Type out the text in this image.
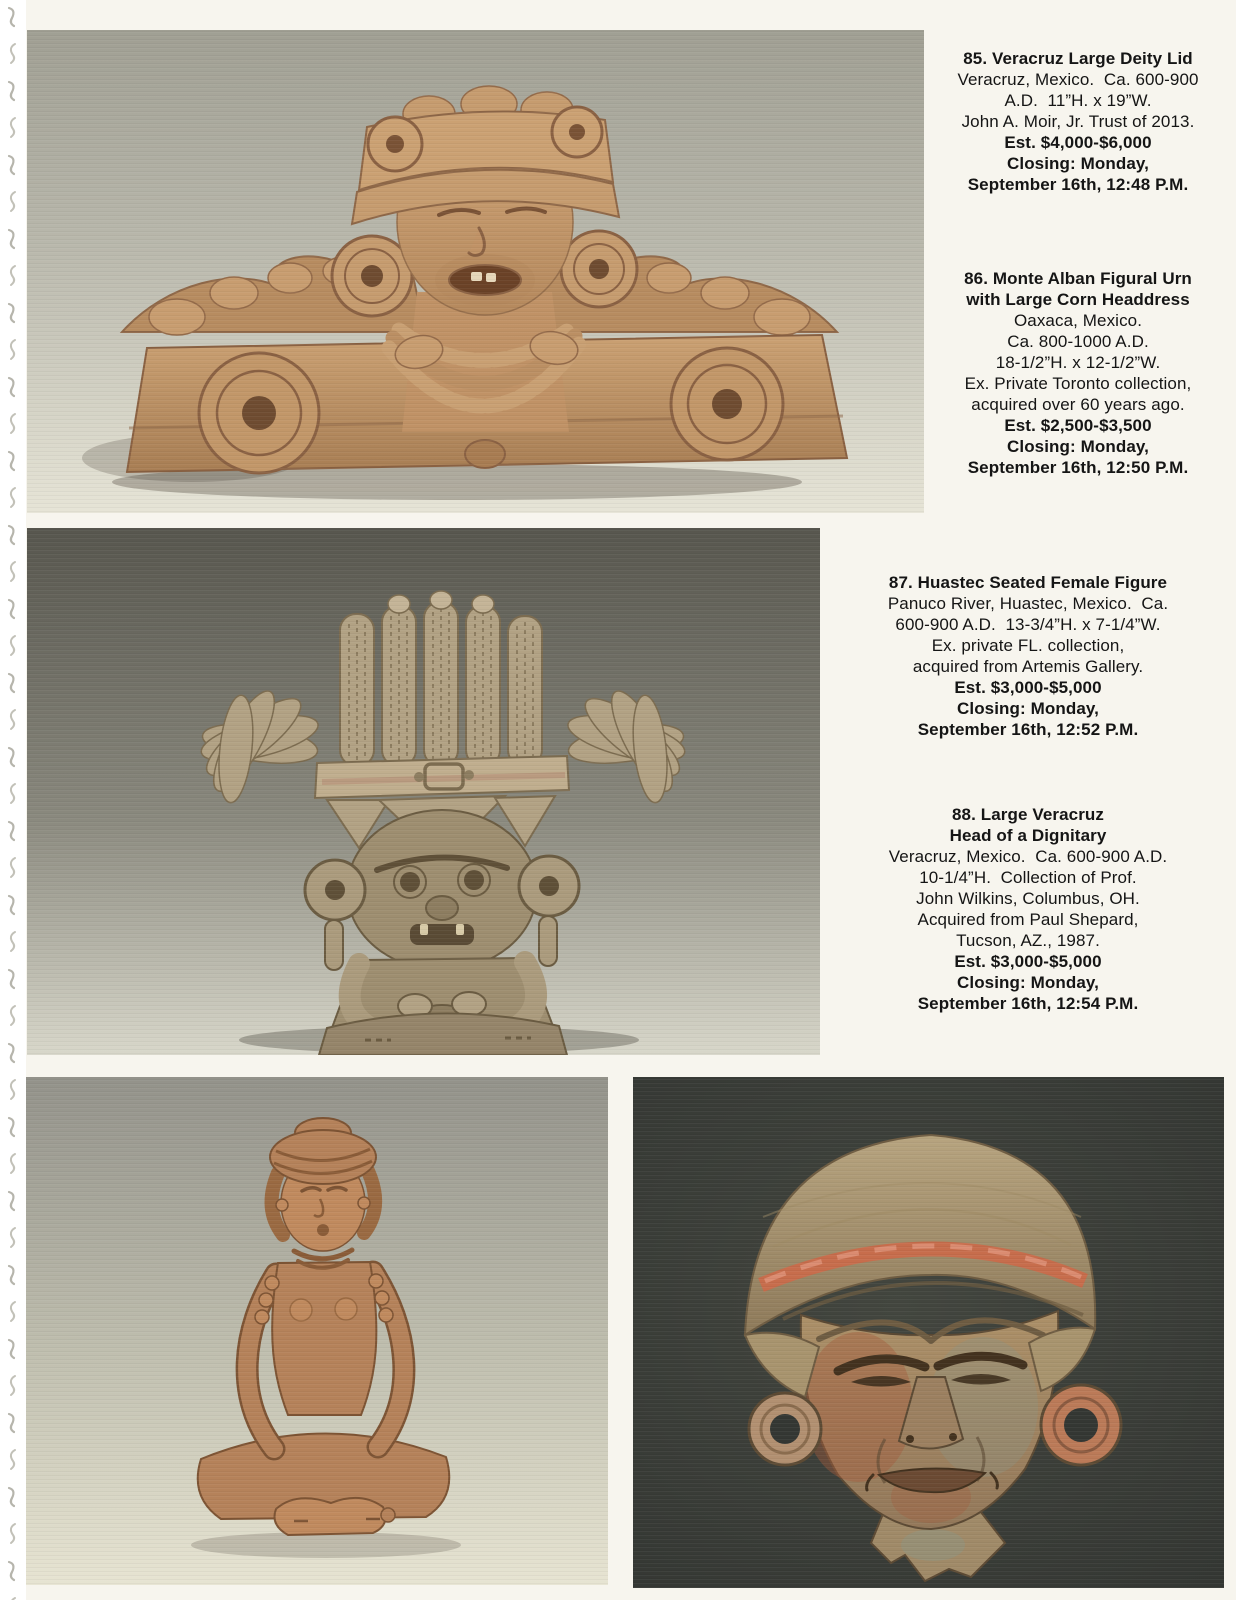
85. Veracruz Large Deity Lid
Veracruz, Mexico.  Ca. 600-900
A.D.  11”H. x 19”W.
John A. Moir, Jr. Trust of 2013.
Est. $4,000-$6,000
Closing: Monday,
September 16th, 12:48 P.M.
86. Monte Alban Figural Urn
with Large Corn Headdress
Oaxaca, Mexico.
Ca. 800-1000 A.D.
18-1/2”H. x 12-1/2”W.
Ex. Private Toronto collection,
acquired over 60 years ago.
Est. $2,500-$3,500
Closing: Monday,
September 16th, 12:50 P.M.
87. Huastec Seated Female Figure
Panuco River, Huastec, Mexico.  Ca.
600-900 A.D.  13-3/4”H. x 7-1/4”W.
Ex. private FL. collection,
acquired from Artemis Gallery.
Est. $3,000-$5,000
Closing: Monday,
September 16th, 12:52 P.M.
88. Large Veracruz
Head of a Dignitary
Veracruz, Mexico.  Ca. 600-900 A.D.
10-1/4”H.  Collection of Prof.
John Wilkins, Columbus, OH.
Acquired from Paul Shepard,
Tucson, AZ., 1987.
Est. $3,000-$5,000
Closing: Monday,
September 16th, 12:54 P.M.
